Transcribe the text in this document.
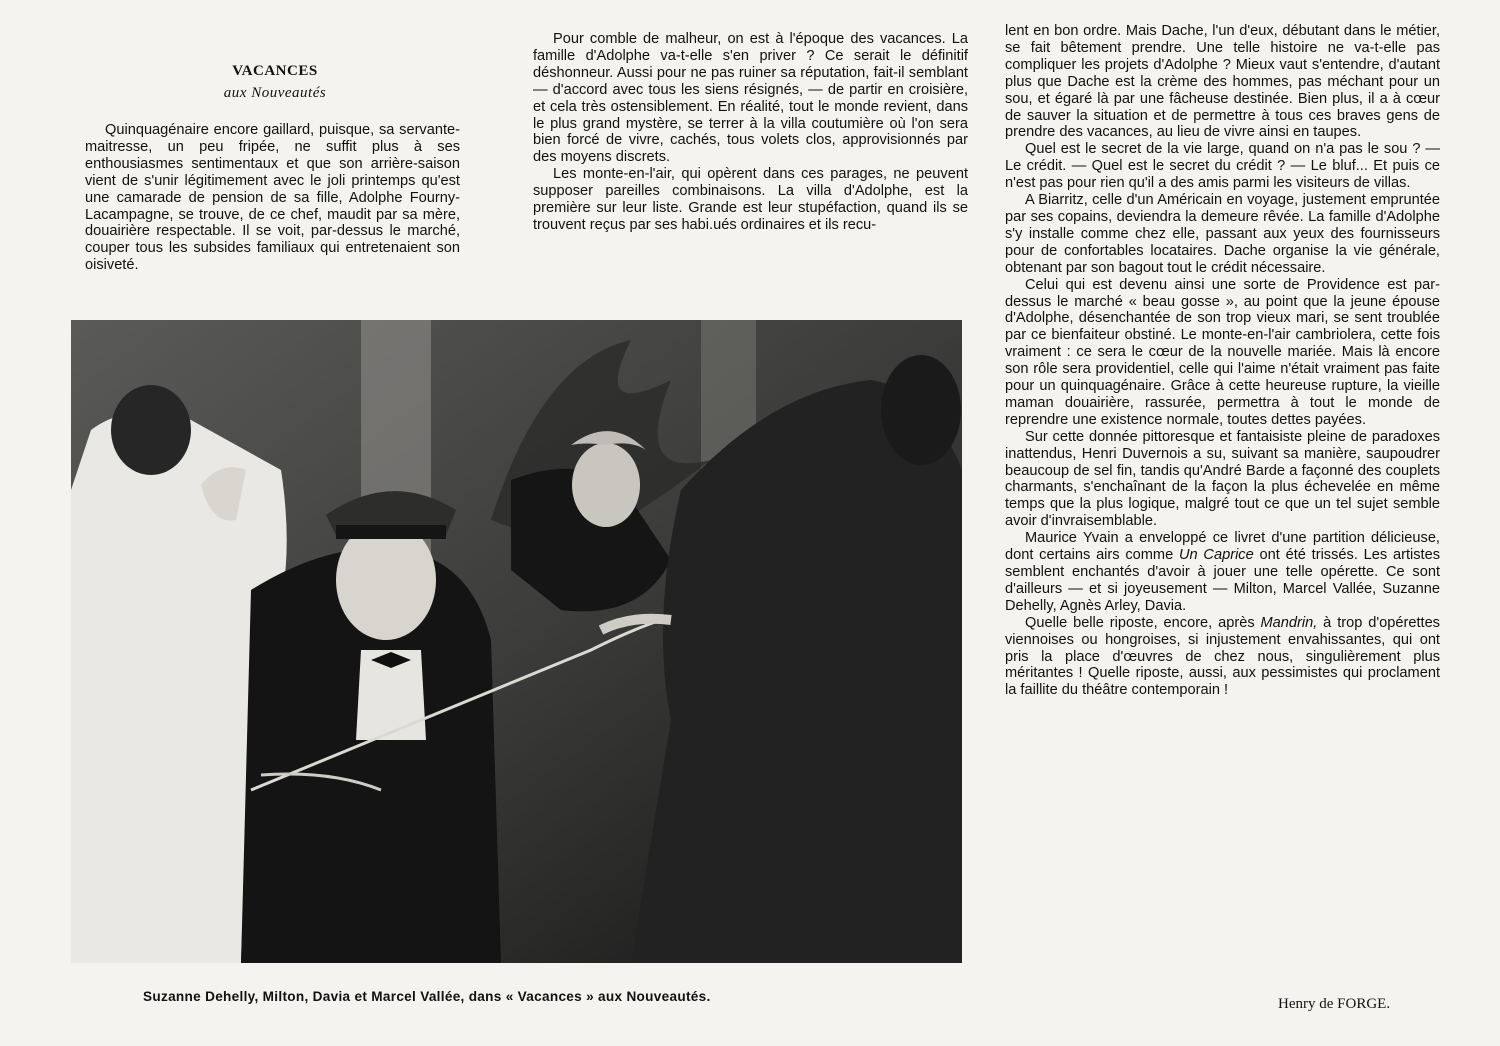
VACANCES
aux Nouveautés

Quinquagénaire encore gaillard, puisque, sa servante-maitresse, un peu fripée, ne suffit plus à ses enthousiasmes sentimentaux et que son arrière-saison vient de s'unir légitimement avec le joli printemps qu'est une camarade de pension de sa fille, Adolphe Fourny-Lacampagne, se trouve, de ce chef, maudit par sa mère, douairière respectable. Il se voit, par-dessus le marché, couper tous les subsides familiaux qui entretenaient son oisiveté.

Pour comble de malheur, on est à l'époque des vacances. La famille d'Adolphe va-t-elle s'en priver ? Ce serait le définitif déshonneur. Aussi pour ne pas ruiner sa réputation, fait-il semblant — d'accord avec tous les siens résignés, — de partir en croisière, et cela très ostensiblement. En réalité, tout le monde revient, dans le plus grand mystère, se terrer à la villa coutumière où l'on sera bien forcé de vivre, cachés, tous volets clos, approvisionnés par des moyens discrets.

Les monte-en-l'air, qui opèrent dans ces parages, ne peuvent supposer pareilles combinaisons. La villa d'Adolphe, est la première sur leur liste. Grande est leur stupéfaction, quand ils se trouvent reçus par ses habi.ués ordinaires et ils recu-

lent en bon ordre. Mais Dache, l'un d'eux, débutant dans le métier, se fait bêtement prendre. Une telle histoire ne va-t-elle pas compliquer les projets d'Adolphe ? Mieux vaut s'entendre, d'autant plus que Dache est la crème des hommes, pas méchant pour un sou, et égaré là par une fâcheuse destinée. Bien plus, il a à cœur de sauver la situation et de permettre à tous ces braves gens de prendre des vacances, au lieu de vivre ainsi en taupes.

Quel est le secret de la vie large, quand on n'a pas le sou ? — Le crédit. — Quel est le secret du crédit ? — Le bluf... Et puis ce n'est pas pour rien qu'il a des amis parmi les visiteurs de villas.

A Biarritz, celle d'un Américain en voyage, justement empruntée par ses copains, deviendra la demeure rêvée. La famille d'Adolphe s'y installe comme chez elle, passant aux yeux des fournisseurs pour de confortables locataires. Dache organise la vie générale, obtenant par son bagout tout le crédit nécessaire.

Celui qui est devenu ainsi une sorte de Providence est par-dessus le marché « beau gosse », au point que la jeune épouse d'Adolphe, désenchantée de son trop vieux mari, se sent troublée par ce bienfaiteur obstiné. Le monte-en-l'air cambriolera, cette fois vraiment : ce sera le cœur de la nouvelle mariée. Mais là encore son rôle sera providentiel, celle qui l'aime n'était vraiment pas faite pour un quinquagénaire. Grâce à cette heureuse rupture, la vieille maman douairière, rassurée, permettra à tout le monde de reprendre une existence normale, toutes dettes payées.

Sur cette donnée pittoresque et fantaisiste pleine de paradoxes inattendus, Henri Duvernois a su, suivant sa manière, saupoudrer beaucoup de sel fin, tandis qu'André Barde a façonné des couplets charmants, s'enchaînant de la façon la plus échevelée en même temps que la plus logique, malgré tout ce que un tel sujet semble avoir d'invraisemblable.

Maurice Yvain a enveloppé ce livret d'une partition délicieuse, dont certains airs comme Un Caprice ont été trissés. Les artistes semblent enchantés d'avoir à jouer une telle opérette. Ce sont d'ailleurs — et si joyeusement — Milton, Marcel Vallée, Suzanne Dehelly, Agnès Arley, Davia.

Quelle belle riposte, encore, après Mandrin, à trop d'opérettes viennoises ou hongroises, si injustement envahissantes, qui ont pris la place d'œuvres de chez nous, singulièrement plus méritantes ! Quelle riposte, aussi, aux pessimistes qui proclament la faillite du théâtre contemporain !

Suzanne Dehelly, Milton, Davia et Marcel Vallée, dans « Vacances » aux Nouveautés.	Henry de FORGE.
